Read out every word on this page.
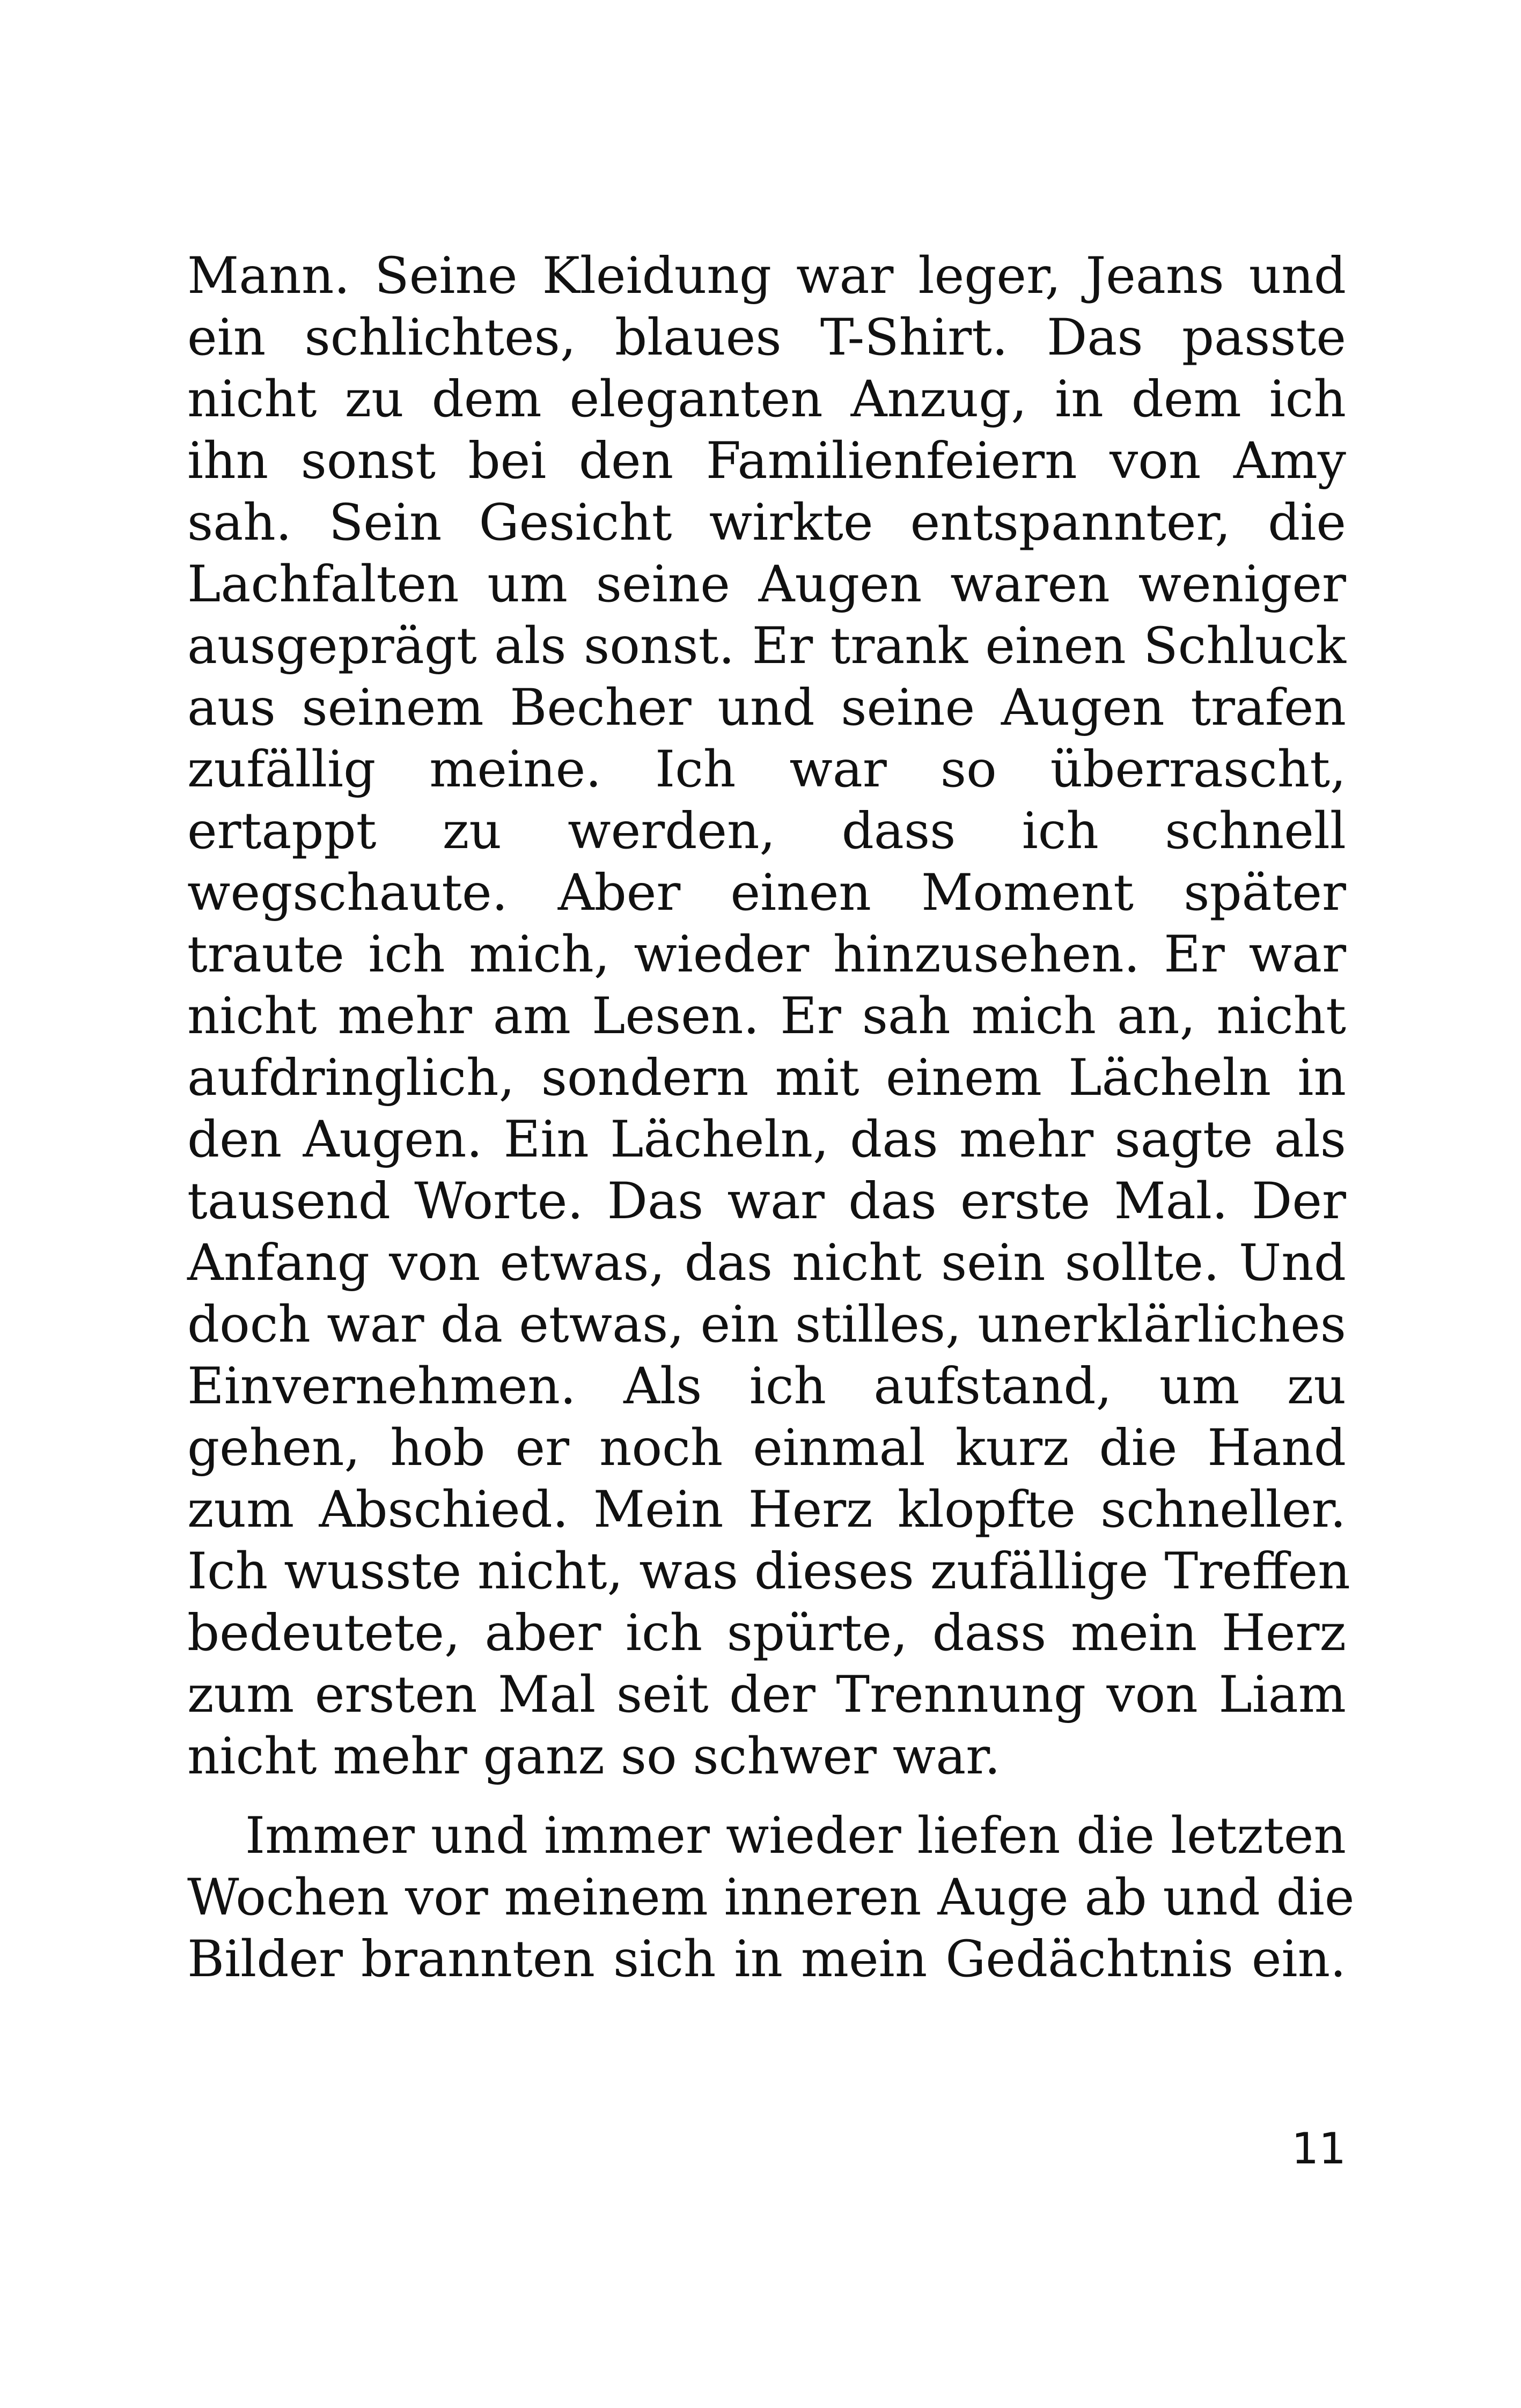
Mann. Seine Kleidung war leger, Jeans und
ein schlichtes, blaues T-Shirt. Das passte
nicht zu dem eleganten Anzug, in dem ich
ihn sonst bei den Familienfeiern von Amy
sah. Sein Gesicht wirkte entspannter, die
Lachfalten um seine Augen waren weniger
ausgeprägt als sonst. Er trank einen Schluck
aus seinem Becher und seine Augen trafen
zufällig meine. Ich war so überrascht,
ertappt zu werden, dass ich schnell
wegschaute. Aber einen Moment später
traute ich mich, wieder hinzusehen. Er war
nicht mehr am Lesen. Er sah mich an, nicht
aufdringlich, sondern mit einem Lächeln in
den Augen. Ein Lächeln, das mehr sagte als
tausend Worte. Das war das erste Mal. Der
Anfang von etwas, das nicht sein sollte. Und
doch war da etwas, ein stilles, unerklärliches
Einvernehmen. Als ich aufstand, um zu
gehen, hob er noch einmal kurz die Hand
zum Abschied. Mein Herz klopfte schneller.
Ich wusste nicht, was dieses zufällige Treffen
bedeutete, aber ich spürte, dass mein Herz
zum ersten Mal seit der Trennung von Liam
nicht mehr ganz so schwer war.
Immer und immer wieder liefen die letzten
Wochen vor meinem inneren Auge ab und die
Bilder brannten sich in mein Gedächtnis ein.
11
